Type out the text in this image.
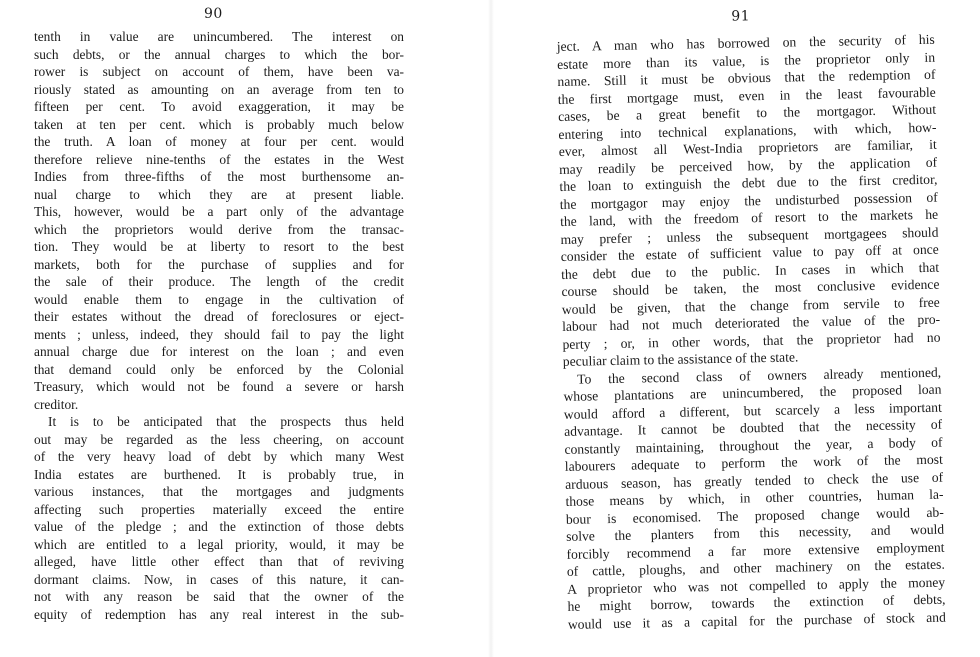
90
tenth in value are unincumbered. The interest on
such debts, or the annual charges to which the bor-
rower is subject on account of them, have been va-
riously stated as amounting on an average from ten to
fifteen per cent. To avoid exaggeration, it may be
taken at ten per cent. which is probably much below
the truth. A loan of money at four per cent. would
therefore relieve nine-tenths of the estates in the West
Indies from three-fifths of the most burthensome an-
nual charge to which they are at present liable.
This, however, would be a part only of the advantage
which the proprietors would derive from the transac-
tion. They would be at liberty to resort to the best
markets, both for the purchase of supplies and for
the sale of their produce. The length of the credit
would enable them to engage in the cultivation of
their estates without the dread of foreclosures or eject-
ments ; unless, indeed, they should fail to pay the light
annual charge due for interest on the loan ; and even
that demand could only be enforced by the Colonial
Treasury, which would not be found a severe or harsh
creditor.
It is to be anticipated that the prospects thus held
out may be regarded as the less cheering, on account
of the very heavy load of debt by which many West
India estates are burthened. It is probably true, in
various instances, that the mortgages and judgments
affecting such properties materially exceed the entire
value of the pledge ; and the extinction of those debts
which are entitled to a legal priority, would, it may be
alleged, have little other effect than that of reviving
dormant claims. Now, in cases of this nature, it can-
not with any reason be said that the owner of the
equity of redemption has any real interest in the sub-
91
ject. A man who has borrowed on the security of his
estate more than its value, is the proprietor only in
name. Still it must be obvious that the redemption of
the first mortgage must, even in the least favourable
cases, be a great benefit to the mortgagor. Without
entering into technical explanations, with which, how-
ever, almost all West-India proprietors are familiar, it
may readily be perceived how, by the application of
the loan to extinguish the debt due to the first creditor,
the mortgagor may enjoy the undisturbed possession of
the land, with the freedom of resort to the markets he
may prefer ; unless the subsequent mortgagees should
consider the estate of sufficient value to pay off at once
the debt due to the public. In cases in which that
course should be taken, the most conclusive evidence
would be given, that the change from servile to free
labour had not much deteriorated the value of the pro-
perty ; or, in other words, that the proprietor had no
peculiar claim to the assistance of the state.
To the second class of owners already mentioned,
whose plantations are unincumbered, the proposed loan
would afford a different, but scarcely a less important
advantage. It cannot be doubted that the necessity of
constantly maintaining, throughout the year, a body of
labourers adequate to perform the work of the most
arduous season, has greatly tended to check the use of
those means by which, in other countries, human la-
bour is economised. The proposed change would ab-
solve the planters from this necessity, and would
forcibly recommend a far more extensive employment
of cattle, ploughs, and other machinery on the estates.
A proprietor who was not compelled to apply the money
he might borrow, towards the extinction of debts,
would use it as a capital for the purchase of stock and
